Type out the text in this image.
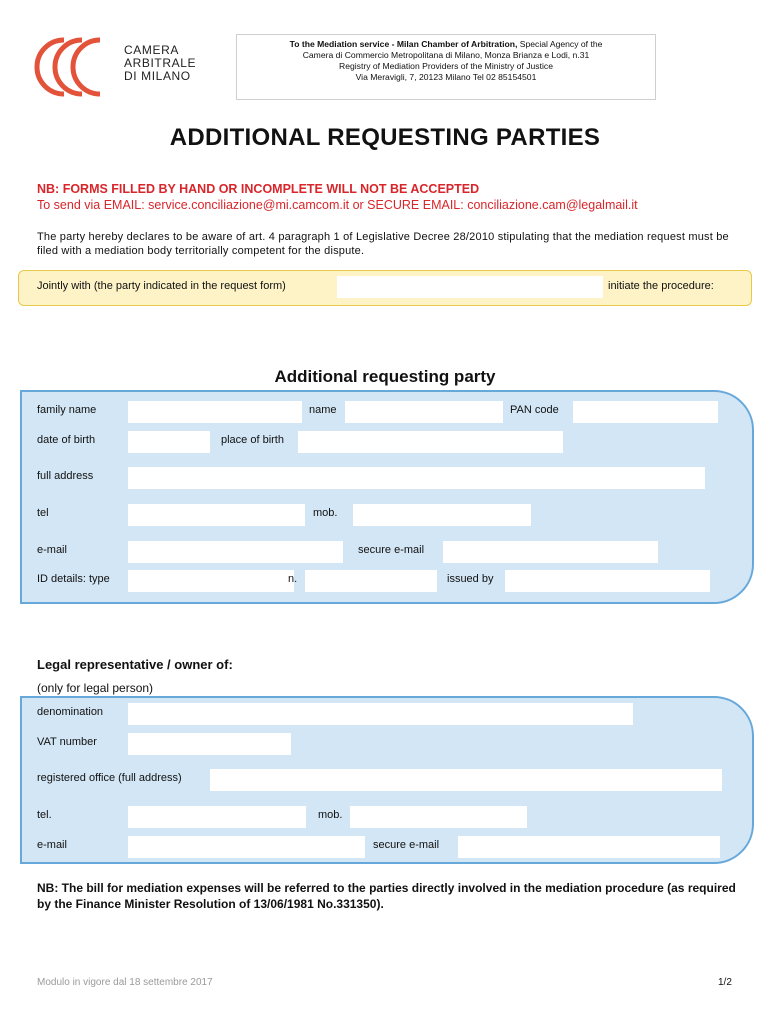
CAMERA
ARBITRALE
DI MILANO
To the Mediation service - Milan Chamber of Arbitration, Special Agency of the
Camera di Commercio Metropolitana di Milano, Monza Brianza e Lodi, n.31
Registry of Mediation Providers of the Ministry of Justice
Via Meravigli, 7, 20123 Milano Tel 02 85154501
ADDITIONAL REQUESTING PARTIES
NB: FORMS FILLED BY HAND OR INCOMPLETE WILL NOT BE ACCEPTED
To send via EMAIL: service.conciliazione@mi.camcom.it or SECURE EMAIL: conciliazione.cam@legalmail.it
The party hereby declares to be aware of art. 4 paragraph 1 of Legislative Decree 28/2010 stipulating that the mediation request must be filed with a mediation body territorially competent for the dispute.
Jointly with (the party indicated in the request form)	initiate the procedure:
Additional requesting party
family name	name	PAN code
date of birth	place of birth
full address
tel	mob.
e-mail	secure e-mail
ID details: type	n.	issued by
Legal representative / owner of:
(only for legal person)
denomination
VAT number
registered office (full address)
tel.	mob.
e-mail	secure e-mail
NB: The bill for mediation expenses will be referred to the parties directly involved in the mediation procedure (as required by the Finance Minister Resolution of 13/06/1981 No.331350).
Modulo in vigore dal 18 settembre 2017	1/2
